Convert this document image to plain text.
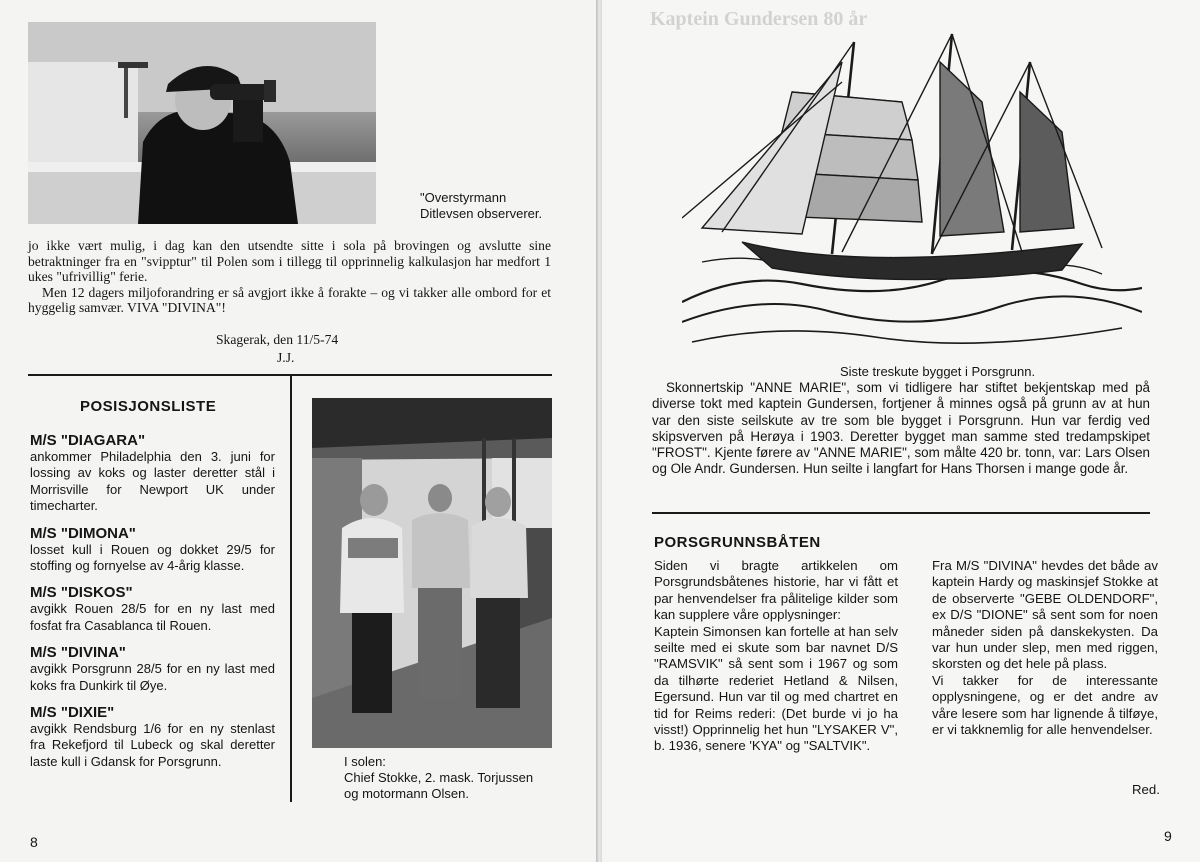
"Overstyrmann
Ditlevsen observerer.
jo ikke vært mulig, i dag kan den utsendte sitte i sola på brovingen og avslutte sine betraktninger fra en "svipptur" til Polen som i tillegg til opprinnelig kalkulasjon har medfort 1 ukes "ufrivillig" ferie.
Men 12 dagers miljoforandring er så avgjort ikke å forakte – og vi takker alle ombord for et hyggelig samvær. VIVA "DIVINA"!
Skagerak, den 11/5-74
J.J.
POSISJONSLISTE

M/S "DIAGARA"

ankommer Philadelphia den 3. juni for lossing av koks og laster deretter stål i Morrisville for Newport UK under timecharter.

M/S "DIMONA"

losset kull i Rouen og dokket 29/5 for stoffing og fornyelse av 4-årig klasse.

M/S "DISKOS"

avgikk Rouen 28/5 for en ny last med fosfat fra Casablanca til Rouen.

M/S "DIVINA"

avgikk Porsgrunn 28/5 for en ny last med koks fra Dunkirk til Øye.

M/S "DIXIE"

avgikk Rendsburg 1/6 for en ny stenlast fra Rekefjord til Lubeck og skal deretter laste kull i Gdansk for Porsgrunn.	I solen:
Chief Stokke, 2. mask. Torjussen
og motormann Olsen.
8
Kaptein Gundersen 80 år
Siste treskute bygget i Porsgrunn.
Skonnertskip "ANNE MARIE", som vi tidligere har stiftet bekjentskap med på diverse tokt med kaptein Gundersen, fortjener å minnes også på grunn av at hun var den siste seilskute av tre som ble bygget i Porsgrunn. Hun var ferdig ved skipsverven på Herøya i 1903. Deretter bygget man samme sted tredampskipet "FROST". Kjente førere av "ANNE MARIE", som målte 420 br. tonn, var: Lars Olsen og Ole Andr. Gundersen. Hun seilte i langfart for Hans Thorsen i mange gode år.
PORSGRUNNSBÅTEN
Siden vi bragte artikkelen om Porsgrundsbåtenes historie, har vi fått et par henvendelser fra pålitelige kilder som kan supplere våre opplysninger:
Kaptein Simonsen kan fortelle at han selv seilte med ei skute som bar navnet D/S "RAMSVIK" så sent som i 1967 og som da tilhørte rederiet Hetland & Nilsen, Egersund. Hun var til og med chartret en tid for Reims rederi: (Det burde vi jo ha visst!) Opprinnelig het hun "LYSAKER V", b. 1936, senere 'KYA" og "SALTVIK".
Fra M/S "DIVINA" hevdes det både av kaptein Hardy og maskinsjef Stokke at de observerte "GEBE OLDENDORF", ex D/S "DIONE" så sent som for noen måneder siden på danskekysten. Da var hun under slep, men med riggen, skorsten og det hele på plass.
Vi takker for de interessante opplysningene, og er det andre av våre lesere som har lignende å tilføye, er vi takknemlig for alle henvendelser.
Red.
9
